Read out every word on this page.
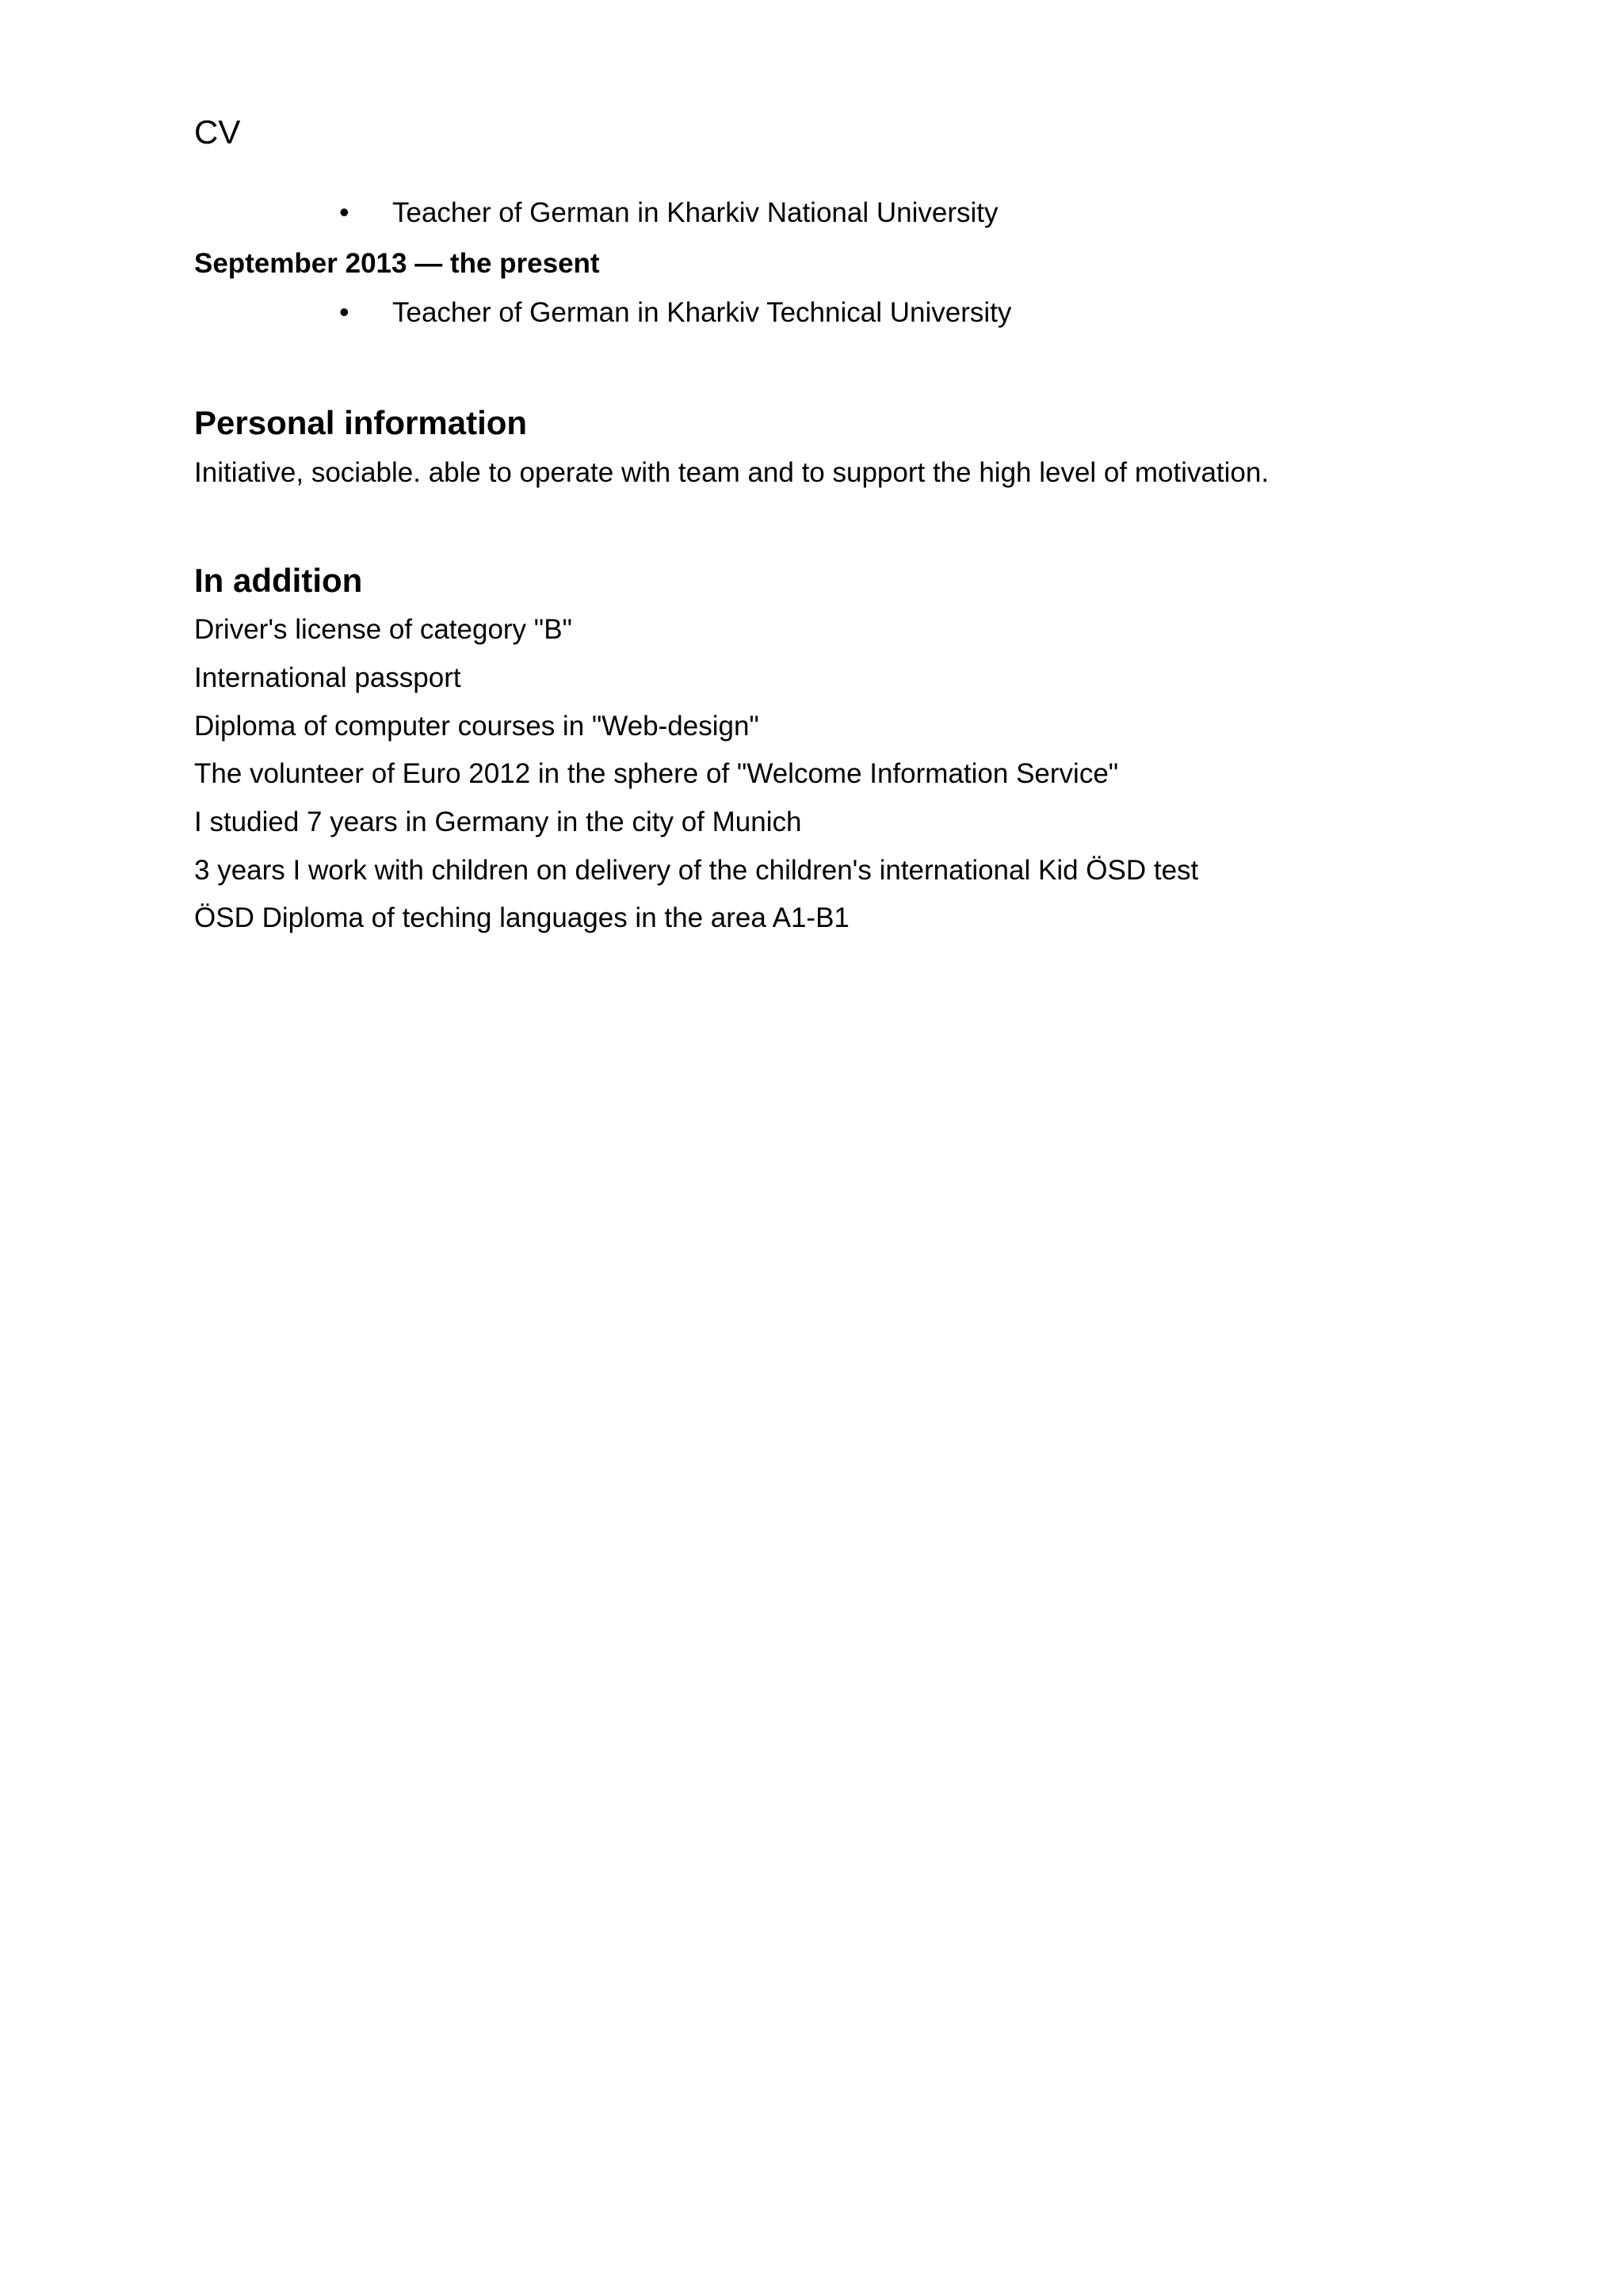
CV
• Teacher of German in Kharkiv National University
September 2013 — the present
• Teacher of German in Kharkiv Technical University
Personal information
Initiative, sociable. able to operate with team and to support the high level of motivation.
In addition
Driver's license of category "B"
International passport
Diploma of computer courses in "Web-design"
The volunteer of Euro 2012 in the sphere of "Welcome Information Service"
I studied 7 years in Germany in the city of Munich
3 years I work with children on delivery of the children's international Kid ÖSD test
ÖSD Diploma of teching languages in the area A1-B1
